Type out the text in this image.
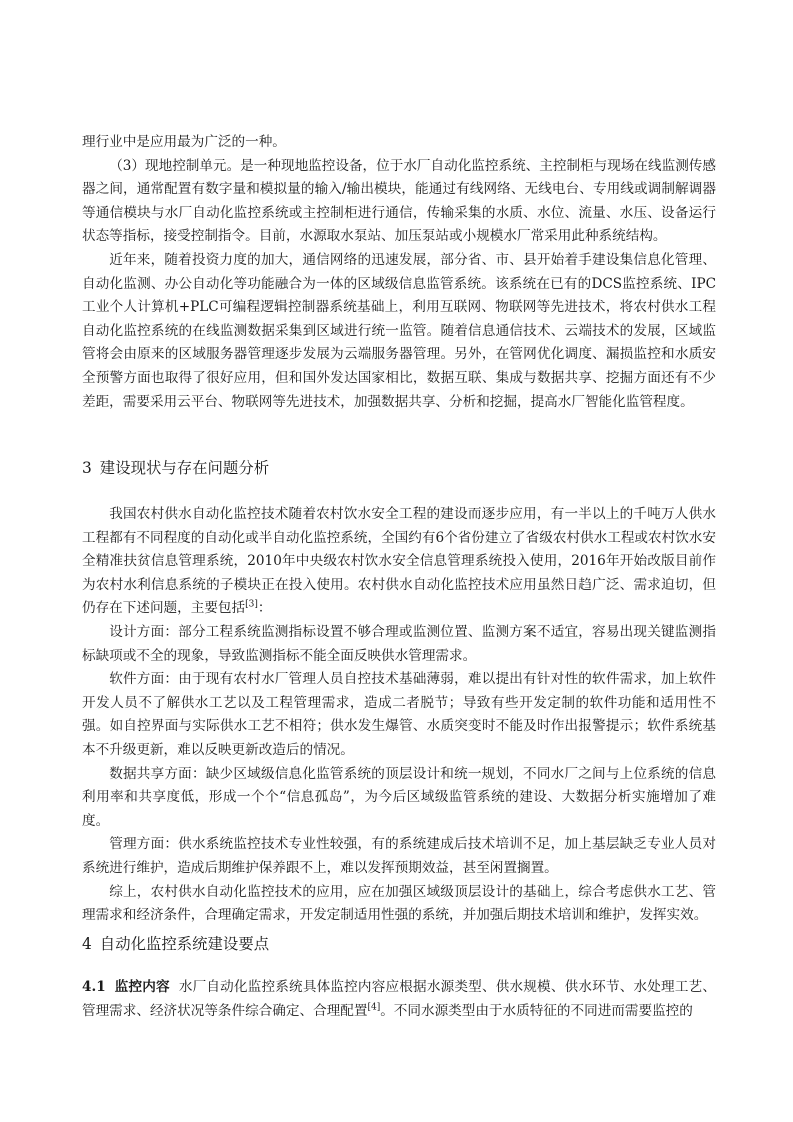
理行业中是应用最为广泛的一种。

（3）现地控制单元。是一种现地监控设备，位于水厂自动化监控系统、主控制柜与现场在线监测传感器之间，通常配置有数字量和模拟量的输入/输出模块，能通过有线网络、无线电台、专用线或调制解调器等通信模块与水厂自动化监控系统或主控制柜进行通信，传输采集的水质、水位、流量、水压、设备运行状态等指标，接受控制指令。目前，水源取水泵站、加压泵站或小规模水厂常采用此种系统结构。

近年来，随着投资力度的加大，通信网络的迅速发展，部分省、市、县开始着手建设集信息化管理、自动化监测、办公自动化等功能融合为一体的区域级信息监管系统。该系统在已有的DCS监控系统、IPC工业个人计算机+PLC可编程逻辑控制器系统基础上，利用互联网、物联网等先进技术，将农村供水工程自动化监控系统的在线监测数据采集到区域进行统一监管。随着信息通信技术、云端技术的发展，区域监管将会由原来的区域服务器管理逐步发展为云端服务器管理。另外，在管网优化调度、漏损监控和水质安全预警方面也取得了很好应用，但和国外发达国家相比，数据互联、集成与数据共享、挖掘方面还有不少差距，需要采用云平台、物联网等先进技术，加强数据共享、分析和挖掘，提高水厂智能化监管程度。

3 建设现状与存在问题分析

我国农村供水自动化监控技术随着农村饮水安全工程的建设而逐步应用，有一半以上的千吨万人供水工程都有不同程度的自动化或半自动化监控系统，全国约有6个省份建立了省级农村供水工程或农村饮水安全精准扶贫信息管理系统，2010年中央级农村饮水安全信息管理系统投入使用，2016年开始改版目前作为农村水利信息系统的子模块正在投入使用。农村供水自动化监控技术应用虽然日趋广泛、需求迫切，但仍存在下述问题，主要包括[3]：

设计方面：部分工程系统监测指标设置不够合理或监测位置、监测方案不适宜，容易出现关键监测指标缺项或不全的现象，导致监测指标不能全面反映供水管理需求。

软件方面：由于现有农村水厂管理人员自控技术基础薄弱，难以提出有针对性的软件需求，加上软件开发人员不了解供水工艺以及工程管理需求，造成二者脱节；导致有些开发定制的软件功能和适用性不强。如自控界面与实际供水工艺不相符；供水发生爆管、水质突变时不能及时作出报警提示；软件系统基本不升级更新，难以反映更新改造后的情况。

数据共享方面：缺少区域级信息化监管系统的顶层设计和统一规划，不同水厂之间与上位系统的信息利用率和共享度低，形成一个个“信息孤岛”，为今后区域级监管系统的建设、大数据分析实施增加了难度。

管理方面：供水系统监控技术专业性较强，有的系统建成后技术培训不足，加上基层缺乏专业人员对系统进行维护，造成后期维护保养跟不上，难以发挥预期效益，甚至闲置搁置。

综上，农村供水自动化监控技术的应用，应在加强区域级顶层设计的基础上，综合考虑供水工艺、管理需求和经济条件，合理确定需求，开发定制适用性强的系统，并加强后期技术培训和维护，发挥实效。

4 自动化监控系统建设要点

4.1 监控内容 水厂自动化监控系统具体监控内容应根据水源类型、供水规模、供水环节、水处理工艺、管理需求、经济状况等条件综合确定、合理配置[4]。不同水源类型由于水质特征的不同进而需要监控的
